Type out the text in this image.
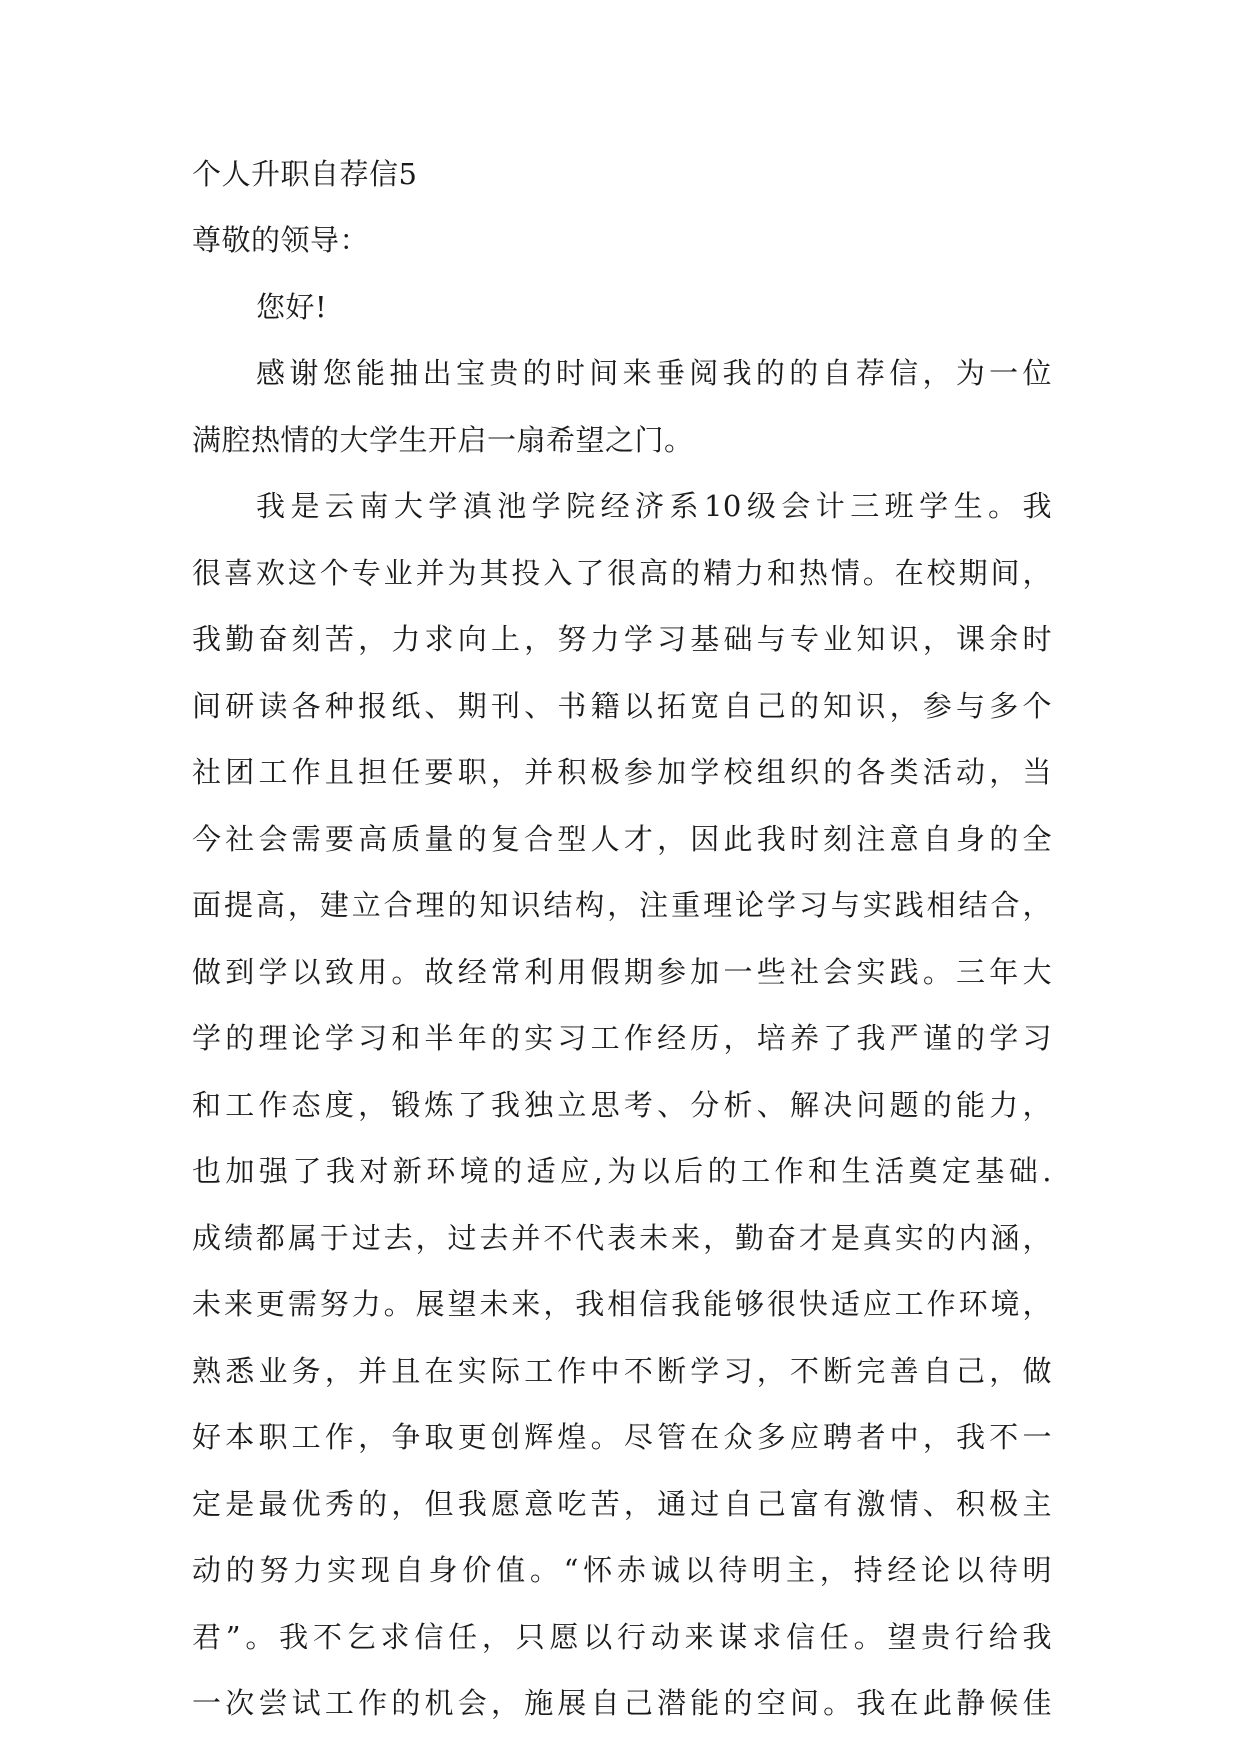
个人升职自荐信5
尊敬的领导：
您好!
感谢您能抽出宝贵的时间来垂阅我的的自荐信，为一位
满腔热情的大学生开启一扇希望之门。
我是云南大学滇池学院经济系10级会计三班学生。我
很喜欢这个专业并为其投入了很高的精力和热情。在校期间，
我勤奋刻苦，力求向上，努力学习基础与专业知识，课余时
间研读各种报纸、期刊、书籍以拓宽自己的知识，参与多个
社团工作且担任要职，并积极参加学校组织的各类活动，当
今社会需要高质量的复合型人才，因此我时刻注意自身的全
面提高，建立合理的知识结构，注重理论学习与实践相结合，
做到学以致用。故经常利用假期参加一些社会实践。三年大
学的理论学习和半年的实习工作经历，培养了我严谨的学习
和工作态度，锻炼了我独立思考、分析、解决问题的能力，
也加强了我对新环境的适应,为以后的工作和生活奠定基础.
成绩都属于过去，过去并不代表未来，勤奋才是真实的内涵，
未来更需努力。展望未来，我相信我能够很快适应工作环境，
熟悉业务，并且在实际工作中不断学习，不断完善自己，做
好本职工作，争取更创辉煌。尽管在众多应聘者中，我不一
定是最优秀的，但我愿意吃苦，通过自己富有激情、积极主
动的努力实现自身价值。“怀赤诚以待明主，持经论以待明
君”。我不乞求信任，只愿以行动来谋求信任。望贵行给我
一次尝试工作的机会，施展自己潜能的空间。我在此静候佳
